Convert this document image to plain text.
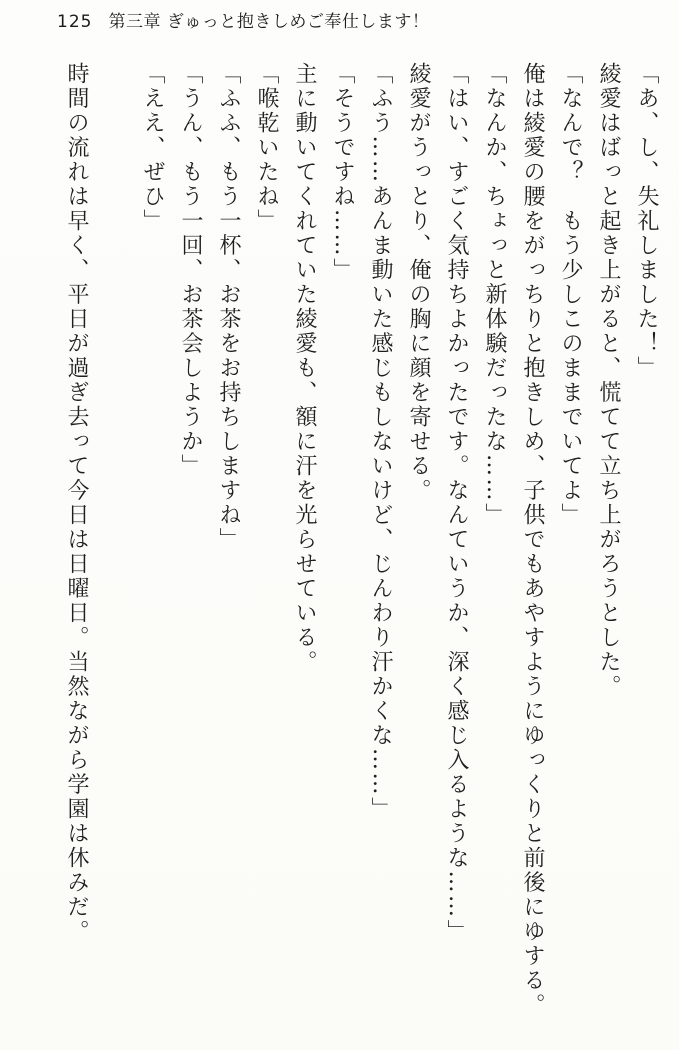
125 第三章 ぎゅっと抱きしめご奉仕します！

「あ、し、失礼しました！」

綾愛はばっと起き上がると、慌てて立ち上がろうとした。

「なんで？　もう少しこのままでいてよ」

俺は綾愛の腰をがっちりと抱きしめ、子供でもあやすようにゆっくりと前後にゆする。

「なんか、ちょっと新体験だったな……」

「はい、すごく気持ちよかったです。なんていうか、深く感じ入るような……」

綾愛がうっとり、俺の胸に顔を寄せる。

「ふう……あんま動いた感じもしないけど、じんわり汗かくな……」

「そうですね……」

主に動いてくれていた綾愛も、額に汗を光らせている。

「喉乾いたね」

「ふふ、もう一杯、お茶をお持ちしますね」

「うん、もう一回、お茶会しようか」

「ええ、ぜひ」

時間の流れは早く、平日が過ぎ去って今日は日曜日。当然ながら学園は休みだ。
